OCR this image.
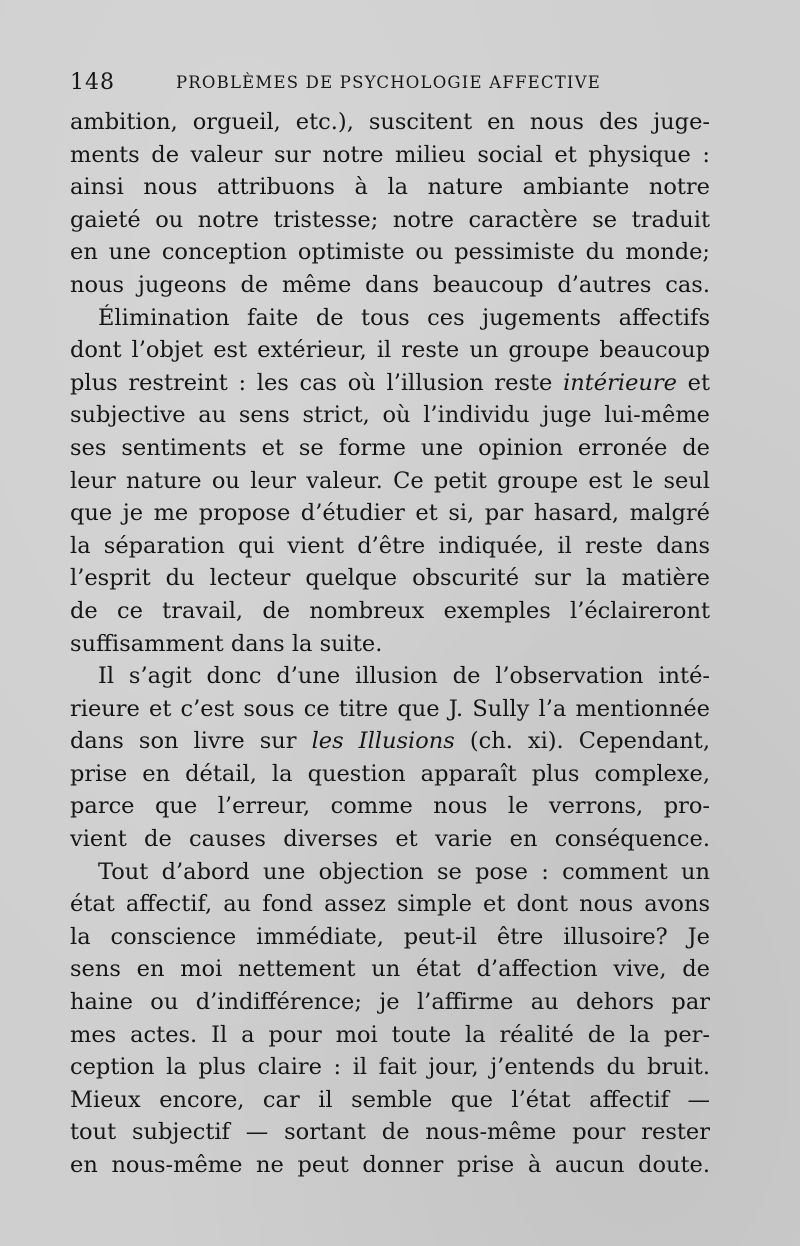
148	PROBLÈMES DE PSYCHOLOGIE AFFECTIVE
ambition, orgueil, etc.), suscitent en nous des juge-
ments de valeur sur notre milieu social et physique :
ainsi nous attribuons à la nature ambiante notre
gaieté ou notre tristesse; notre caractère se traduit
en une conception optimiste ou pessimiste du monde;
nous jugeons de même dans beaucoup d’autres cas.
Élimination faite de tous ces jugements affectifs
dont l’objet est extérieur, il reste un groupe beaucoup
plus restreint : les cas où l’illusion reste intérieure et
subjective au sens strict, où l’individu juge lui-même
ses sentiments et se forme une opinion erronée de
leur nature ou leur valeur. Ce petit groupe est le seul
que je me propose d’étudier et si, par hasard, malgré
la séparation qui vient d’être indiquée, il reste dans
l’esprit du lecteur quelque obscurité sur la matière
de ce travail, de nombreux exemples l’éclaireront
suffisamment dans la suite.
Il s’agit donc d’une illusion de l’observation inté-
rieure et c’est sous ce titre que J. Sully l’a mentionnée
dans son livre sur les Illusions (ch. xi). Cependant,
prise en détail, la question apparaît plus complexe,
parce que l’erreur, comme nous le verrons, pro-
vient de causes diverses et varie en conséquence.
Tout d’abord une objection se pose : comment un
état affectif, au fond assez simple et dont nous avons
la conscience immédiate, peut-il être illusoire? Je
sens en moi nettement un état d’affection vive, de
haine ou d’indifférence; je l’affirme au dehors par
mes actes. Il a pour moi toute la réalité de la per-
ception la plus claire : il fait jour, j’entends du bruit.
Mieux encore, car il semble que l’état affectif —
tout subjectif — sortant de nous-même pour rester
en nous-même ne peut donner prise à aucun doute.
